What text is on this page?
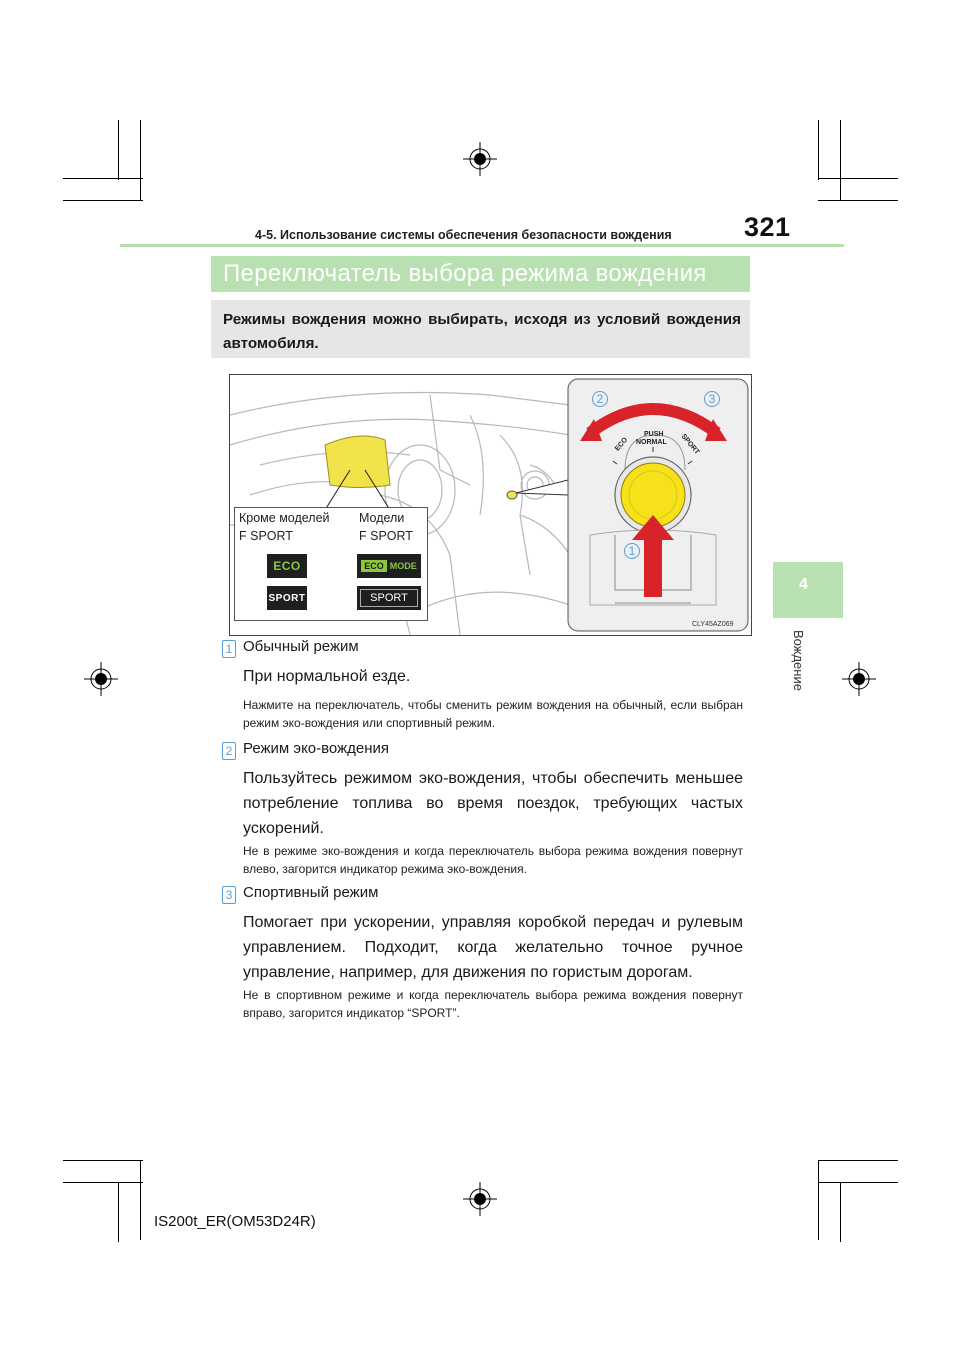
4-5. Использование системы обеспечения безопасности вождения	321
Переключатель выбора режима вождения
Режимы вождения можно выбирать, исходя из условий вождения автомобиля.
4
Вождение
ECO
PUSH
NORMAL SPORT
2	3
1
Кроме моделей
F SPORT
Модели
F SPORT
ECO
SPORT
ECO MODE
SPORT
CLY45AZ069
1 Обычный режим
При нормальной езде.
Нажмите на переключатель, чтобы сменить режим вождения на обычный, если выбран режим эко-вождения или спортивный режим.
2 Режим эко-вождения
Пользуйтесь режимом эко-вождения, чтобы обеспечить меньшее потребление топлива во время поездок, требующих частых ускорений.
Не в режиме эко-вождения и когда переключатель выбора режима вождения повернут влево, загорится индикатор режима эко-вождения.
3 Спортивный режим
Помогает при ускорении, управляя коробкой передач и рулевым управлением. Подходит, когда желательно точное ручное управление, например, для движения по гористым дорогам.
Не в спортивном режиме и когда переключатель выбора режима вождения повернут вправо, загорится индикатор “SPORT”.
IS200t_ER(OM53D24R)
